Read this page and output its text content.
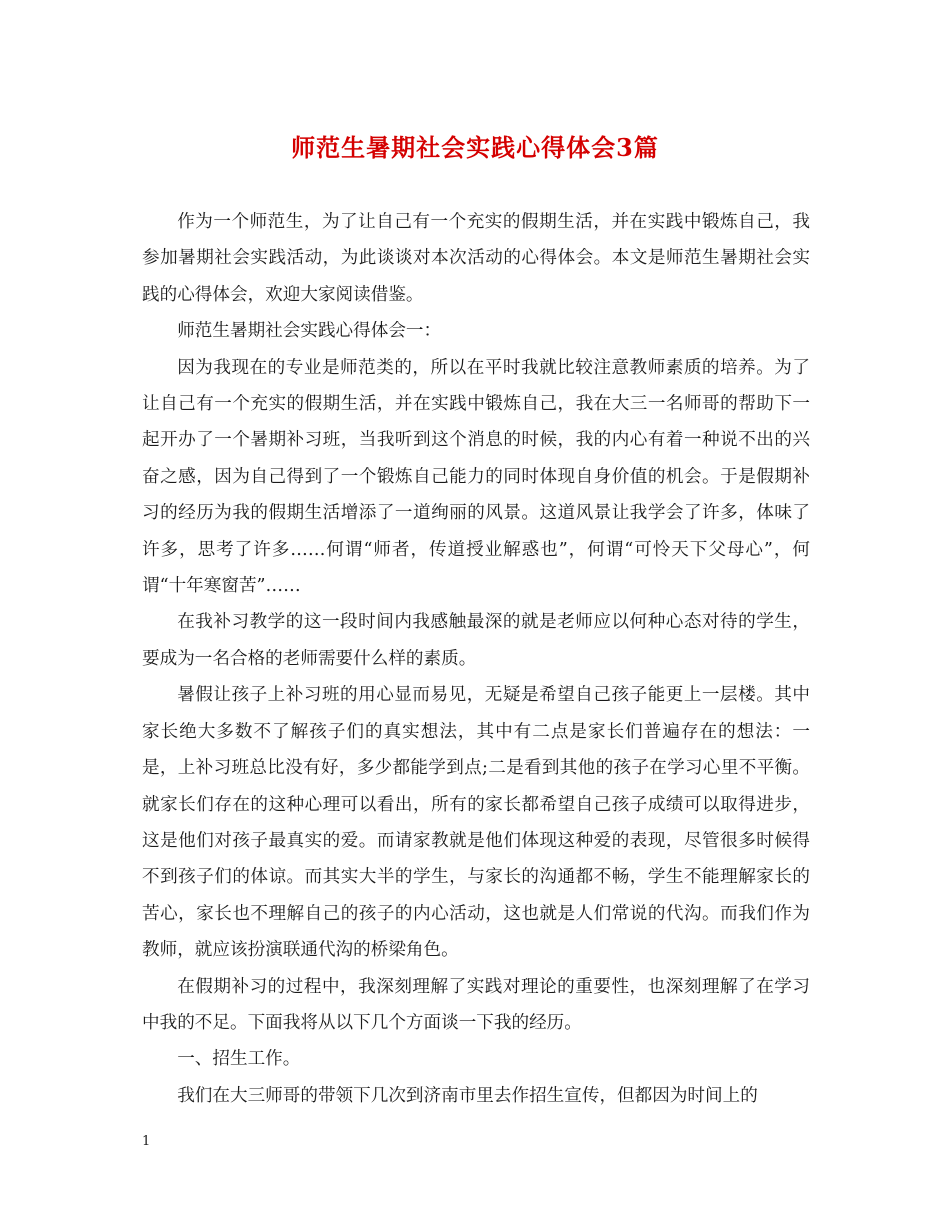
师范生暑期社会实践心得体会3篇

作为一个师范生，为了让自己有一个充实的假期生活，并在实践中锻炼自己，我参加暑期社会实践活动，为此谈谈对本次活动的心得体会。本文是师范生暑期社会实践的心得体会，欢迎大家阅读借鉴。

师范生暑期社会实践心得体会一：

因为我现在的专业是师范类的，所以在平时我就比较注意教师素质的培养。为了让自己有一个充实的假期生活，并在实践中锻炼自己，我在大三一名师哥的帮助下一起开办了一个暑期补习班，当我听到这个消息的时候，我的内心有着一种说不出的兴奋之感，因为自己得到了一个锻炼自己能力的同时体现自身价值的机会。于是假期补习的经历为我的假期生活增添了一道绚丽的风景。这道风景让我学会了许多，体味了许多，思考了许多……何谓“师者，传道授业解惑也”，何谓“可怜天下父母心”，何谓“十年寒窗苦”……

在我补习教学的这一段时间内我感触最深的就是老师应以何种心态对待的学生，要成为一名合格的老师需要什么样的素质。

暑假让孩子上补习班的用心显而易见，无疑是希望自己孩子能更上一层楼。其中家长绝大多数不了解孩子们的真实想法，其中有二点是家长们普遍存在的想法：一是，上补习班总比没有好，多少都能学到点;二是看到其他的孩子在学习心里不平衡。就家长们存在的这种心理可以看出，所有的家长都希望自己孩子成绩可以取得进步，这是他们对孩子最真实的爱。而请家教就是他们体现这种爱的表现，尽管很多时候得不到孩子们的体谅。而其实大半的学生，与家长的沟通都不畅，学生不能理解家长的苦心，家长也不理解自己的孩子的内心活动，这也就是人们常说的代沟。而我们作为教师，就应该扮演联通代沟的桥梁角色。

在假期补习的过程中，我深刻理解了实践对理论的重要性，也深刻理解了在学习中我的不足。下面我将从以下几个方面谈一下我的经历。

一、招生工作。

我们在大三师哥的带领下几次到济南市里去作招生宣传，但都因为时间上的

1
